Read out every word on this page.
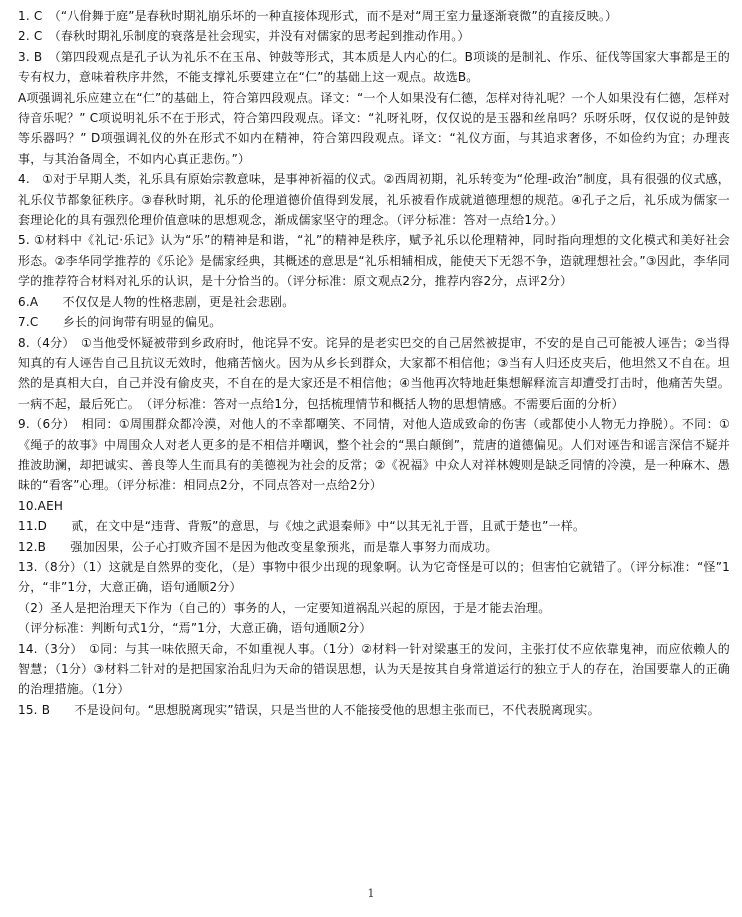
1. C　（“八佾舞于庭”是春秋时期礼崩乐坏的一种直接体现形式，而不是对“周王室力量逐渐衰微”的直接反映。）

2. C　（春秋时期礼乐制度的衰落是社会现实，并没有对儒家的思考起到推动作用。）

3. B　（第四段观点是孔子认为礼乐不在玉帛、钟鼓等形式，其本质是人内心的仁。B项谈的是制礼、作乐、征伐等国家大事都是王的专有权力，意味着秩序井然，不能支撑礼乐要建立在“仁”的基础上这一观点。故选B。

A项强调礼乐应建立在“仁”的基础上，符合第四段观点。译文：“一个人如果没有仁德，怎样对待礼呢？一个人如果没有仁德，怎样对待音乐呢？” C项说明礼乐不在于形式，符合第四段观点。译文：“礼呀礼呀，仅仅说的是玉器和丝帛吗？乐呀乐呀，仅仅说的是钟鼓等乐器吗？” D项强调礼仪的外在形式不如内在精神，符合第四段观点。译文：“礼仪方面，与其追求奢侈，不如俭约为宜；办理丧事，与其治备周全，不如内心真正悲伤。”）

4.　①对于早期人类，礼乐具有原始宗教意味，是事神祈福的仪式。②西周初期，礼乐转变为“伦理-政治”制度，具有很强的仪式感，礼乐仪节都象征秩序。③春秋时期，礼乐的伦理道德价值得到发展，礼乐被看作成就道德理想的规范。④孔子之后，礼乐成为儒家一套理论化的具有强烈伦理价值意味的思想观念，渐成儒家坚守的理念。（评分标准：答对一点给1分。）

5. ①材料中《礼记·乐记》认为“乐”的精神是和谐，“礼”的精神是秩序，赋予礼乐以伦理精神，同时指向理想的文化模式和美好社会形态。②李华同学推荐的《乐论》是儒家经典，其概述的意思是“礼乐相辅相成，能使天下无怨不争，造就理想社会。”③因此，李华同学的推荐符合材料对礼乐的认识，是十分恰当的。（评分标准：原文观点2分，推荐内容2分，点评2分）

6.A　　不仅仅是人物的性格悲剧，更是社会悲剧。

7.C　　乡长的问询带有明显的偏见。

8.（4分）　①当他受怀疑被带到乡政府时，他诧异不安。诧异的是老实巴交的自己居然被提审，不安的是自己可能被人诬告；②当得知真的有人诬告自己且抗议无效时，他痛苦恼火。因为从乡长到群众，大家都不相信他；③当有人归还皮夹后，他坦然又不自在。坦然的是真相大白，自己并没有偷皮夹，不自在的是大家还是不相信他；④当他再次特地赶集想解释流言却遭受打击时，他痛苦失望。一病不起，最后死亡。　（评分标准：答对一点给1分，包括梳理情节和概括人物的思想情感。不需要后面的分析）

9.（6分）　相同：①周围群众都冷漠，对他人的不幸都嘲笑、不同情，对他人造成致命的伤害（或都使小人物无力挣脱）。不同：①《绳子的故事》中周围众人对老人更多的是不相信并嘲讽，整个社会的“黑白颠倒”，荒唐的道德偏见。人们对诬告和谣言深信不疑并推波助澜，却把诚实、善良等人生而具有的美德视为社会的反常；②《祝福》中众人对祥林嫂则是缺乏同情的冷漠，是一种麻木、愚昧的“看客”心理。（评分标准：相同点2分，不同点答对一点给2分）

10.AEH

11.D　　贰，在文中是“违背、背叛”的意思，与《烛之武退秦师》中“以其无礼于晋，且贰于楚也”一样。

12.B　　强加因果，公子心打败齐国不是因为他改变星象预兆，而是靠人事努力而成功。

13.（8分）（1）这就是自然界的变化，（是）事物中很少出现的现象啊。认为它奇怪是可以的；但害怕它就错了。（评分标准：“怪”1分，“非”1分，大意正确，语句通顺2分）

（2）圣人是把治理天下作为（自己的）事务的人，一定要知道祸乱兴起的原因，于是才能去治理。

（评分标准：判断句式1分，“焉”1分，大意正确，语句通顺2分）

14.（3分）　①同：与其一味依照天命，不如重视人事。（1分）②材料一针对梁惠王的发问，主张打仗不应依靠鬼神，而应依赖人的智慧；（1分）③材料二针对的是把国家治乱归为天命的错误思想，认为天是按其自身常道运行的独立于人的存在，治国要靠人的正确的治理措施。（1分）

15. B　　不是设问句。“思想脱离现实”错误，只是当世的人不能接受他的思想主张而已，不代表脱离现实。

1
